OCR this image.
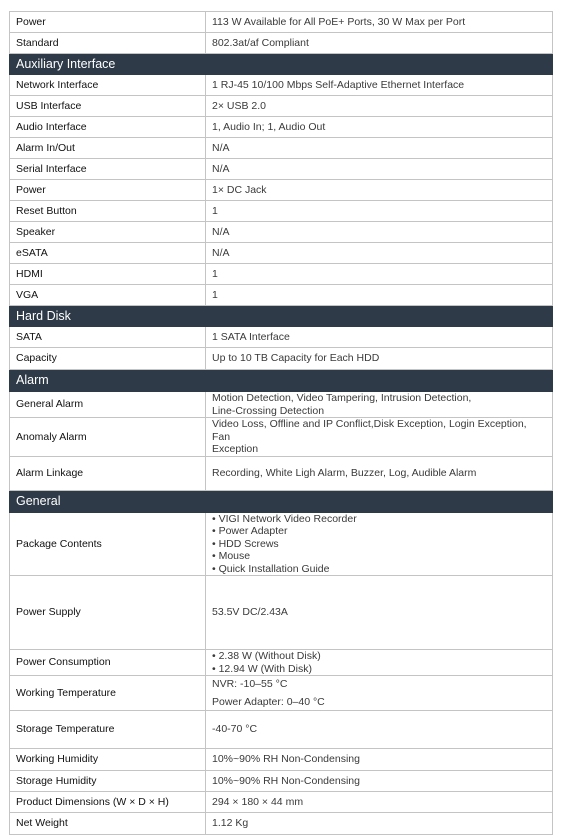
Power	113 W Available for All PoE+ Ports, 30 W Max per Port

Standard	802.3at/af Compliant

Auxiliary Interface	
Network Interface	1 RJ-45 10/100 Mbps Self-Adaptive Ethernet Interface

USB Interface	2× USB 2.0

Audio Interface	1, Audio In; 1, Audio Out

Alarm In/Out	N/A

Serial Interface	N/A

Power	1× DC Jack

Reset Button	1

Speaker	N/A

eSATA	N/A

HDMI	1

VGA	1

Hard Disk	
SATA	1 SATA Interface

Capacity	Up to 10 TB Capacity for Each HDD

Alarm	
General Alarm	Motion Detection, Video Tampering, Intrusion Detection,
Line-Crossing Detection

Anomaly Alarm	Video Loss, Offline and IP Conflict,Disk Exception, Login Exception, Fan
Exception

Alarm Linkage	Recording, White Ligh Alarm, Buzzer, Log, Audible Alarm

General	
Package Contents	• VIGI Network Video Recorder
• Power Adapter
• HDD Screws
• Mouse
• Quick Installation Guide

Power Supply	53.5V DC/2.43A

Power Consumption	• 2.38 W (Without Disk)
• 12.94 W (With Disk)

Working Temperature	NVR: -10–55 °C
Power Adapter: 0–40 °C

Storage Temperature	-40-70 °C

Working Humidity	10%~90% RH Non-Condensing

Storage Humidity	10%~90% RH Non-Condensing

Product Dimensions (W × D × H)	294 × 180 × 44 mm

Net Weight	1.12 Kg
